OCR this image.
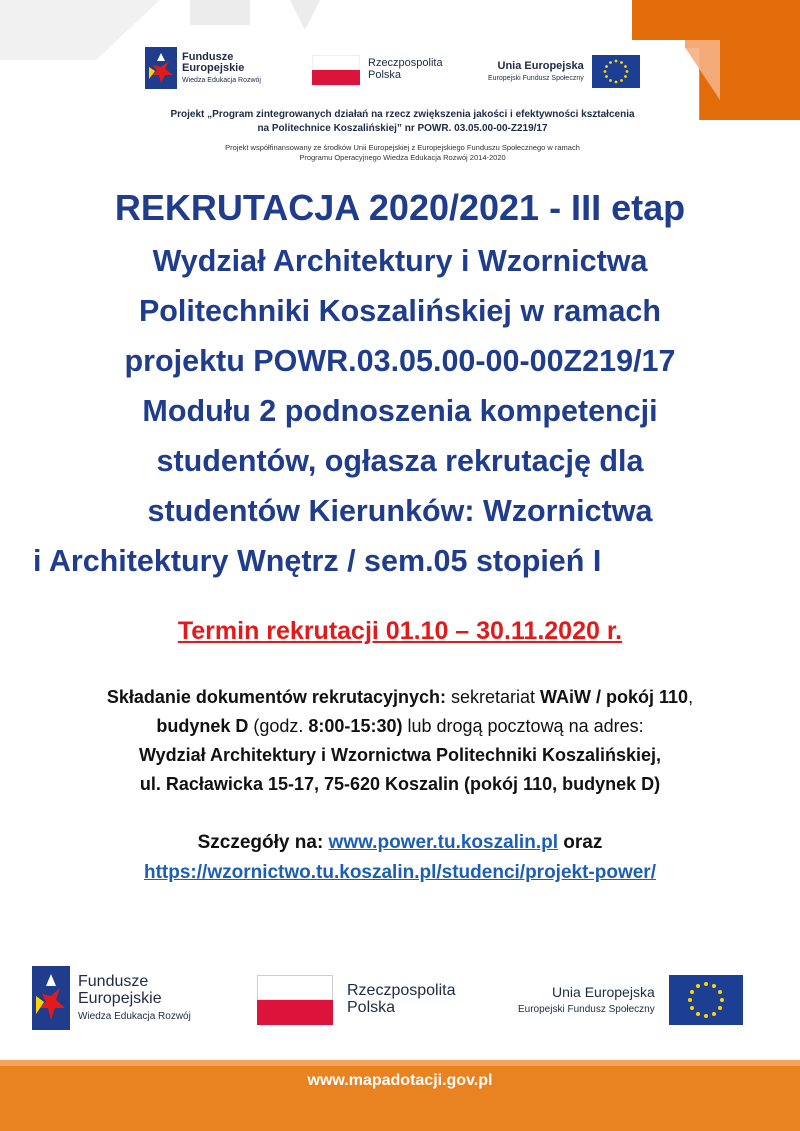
Fundusze
Europejskie
Wiedza Edukacja Rozwój
Rzeczpospolita
Polska
Unia Europejska
Europejski Fundusz Społeczny
Projekt „Program zintegrowanych działań na rzecz zwiększenia jakości i efektywności kształcenia
na Politechnice Koszalińskiej” nr POWR. 03.05.00-00-Z219/17
Projekt współfinansowany ze środków Unii Europejskiej z Europejskiego Funduszu Społecznego w ramach
Programu Operacyjnego Wiedza Edukacja Rozwój 2014-2020
REKRUTACJA 2020/2021 - III etap
Wydział Architektury i Wzornictwa
Politechniki Koszalińskiej w ramach
projektu POWR.03.05.00-00-00Z219/17
Modułu 2 podnoszenia kompetencji
studentów, ogłasza rekrutację dla
studentów Kierunków: Wzornictwa
i Architektury Wnętrz / sem.05 stopień I
Termin rekrutacji 01.10 – 30.11.2020 r.
Składanie dokumentów rekrutacyjnych: sekretariat WAiW / pokój 110,
budynek D (godz. 8:00-15:30) lub drogą pocztową na adres:
Wydział Architektury i Wzornictwa Politechniki Koszalińskiej,
ul. Racławicka 15-17, 75-620 Koszalin (pokój 110, budynek D)
Szczegóły na: www.power.tu.koszalin.pl oraz
https://wzornictwo.tu.koszalin.pl/studenci/projekt-power/
Fundusze
Europejskie
Wiedza Edukacja Rozwój
Rzeczpospolita
Polska
Unia Europejska
Europejski Fundusz Społeczny
www.mapadotacji.gov.pl
